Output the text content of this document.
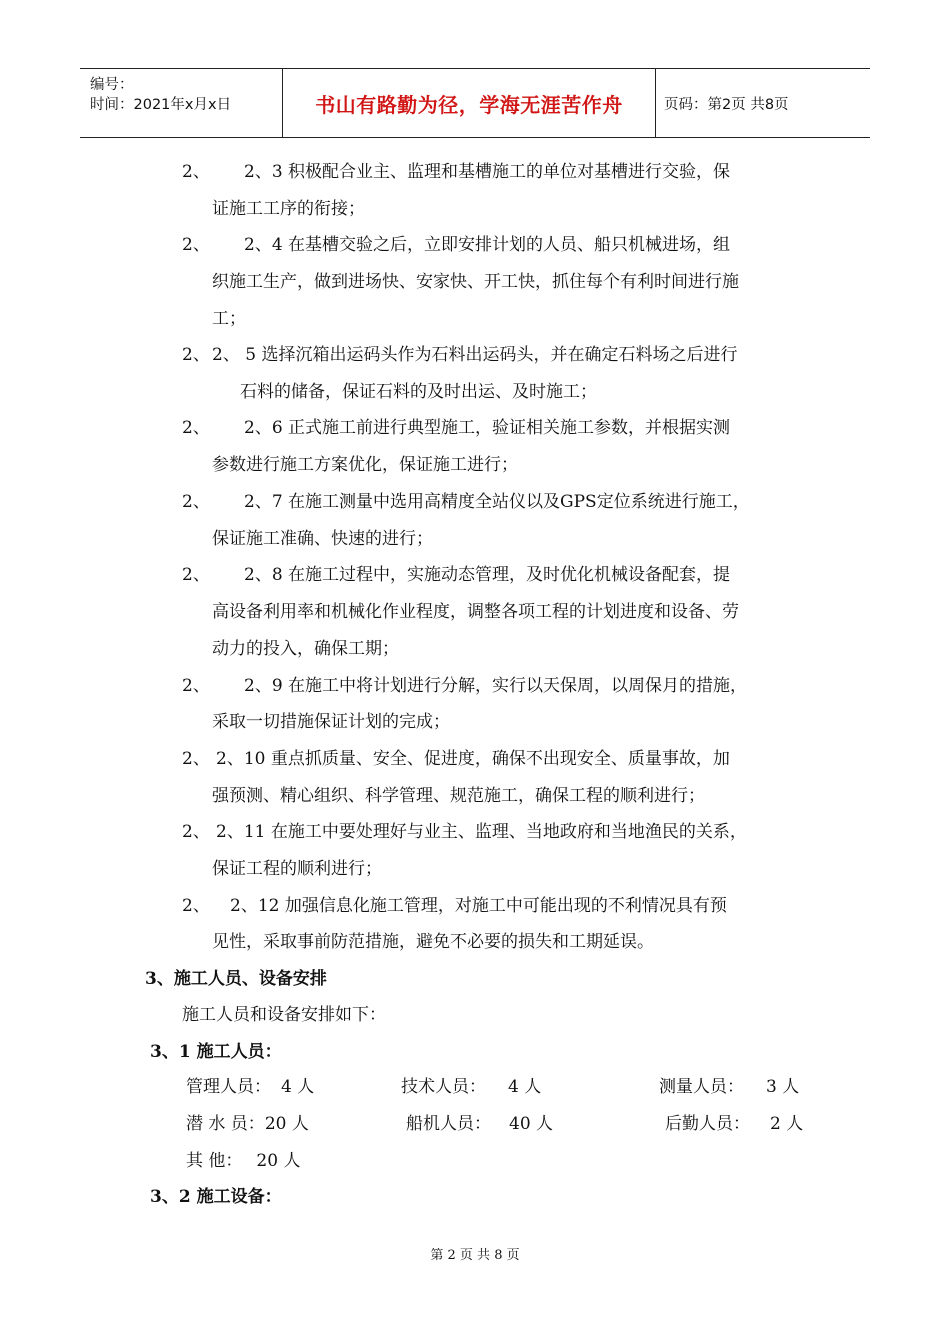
编号：
时间：2021年x月x日	书山有路勤为径，学海无涯苦作舟	页码：第2页 共8页
2、 2、3 积极配合业主、监理和基槽施工的单位对基槽进行交验，保
证施工工序的衔接；
2、 2、4 在基槽交验之后，立即安排计划的人员、船只机械进场，组
织施工生产，做到进场快、安家快、开工快，抓住每个有利时间进行施
工；
2、 2、 5 选择沉箱出运码头作为石料出运码头，并在确定石料场之后进行
石料的储备，保证石料的及时出运、及时施工；
2、 2、6 正式施工前进行典型施工，验证相关施工参数，并根据实测
参数进行施工方案优化，保证施工进行；
2、 2、7 在施工测量中选用高精度全站仪以及GPS定位系统进行施工，
保证施工准确、快速的进行；
2、 2、8 在施工过程中，实施动态管理，及时优化机械设备配套，提
高设备利用率和机械化作业程度，调整各项工程的计划进度和设备、劳
动力的投入，确保工期；
2、 2、9 在施工中将计划进行分解，实行以天保周，以周保月的措施，
采取一切措施保证计划的完成；
2、 2、10 重点抓质量、安全、促进度，确保不出现安全、质量事故，加
强预测、精心组织、科学管理、规范施工，确保工程的顺利进行；
2、 2、11 在施工中要处理好与业主、监理、当地政府和当地渔民的关系，
保证工程的顺利进行；
2、 2、12 加强信息化施工管理，对施工中可能出现的不利情况具有预
见性，采取事前防范措施，避免不必要的损失和工期延误。
3、施工人员、设备安排
施工人员和设备安排如下：
3、1 施工人员：
管理人员： 4 人	技术人员： 4 人	测量人员： 3 人
潜 水 员：20 人	船机人员： 40 人	后勤人员： 2 人
其 他： 20 人
3、2 施工设备：
第 2 页 共 8 页
